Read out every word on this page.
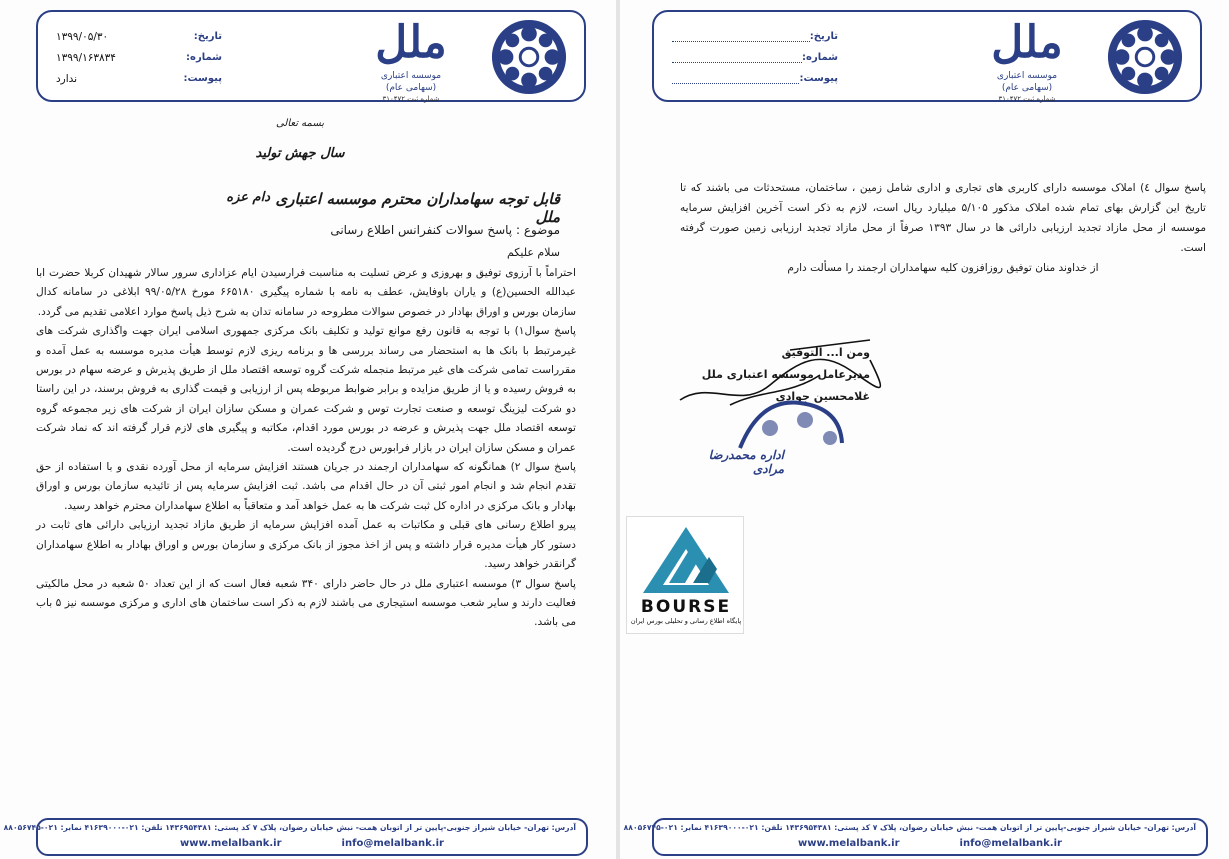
ملل
موسسه اعتباری
(سهامی عام)
شماره ثبت ۳۱۰۴۷۲
تاریخ:
۱۳۹۹/۰۵/۳۰
شماره:
۱۳۹۹/۱۶۳۸۳۴
پیوست:
ندارد
بسمه تعالی
سال جهش تولید
قابل توجه سهامداران محترم موسسه اعتباری ملل
دام عزه
موضوع : پاسخ سوالات کنفرانس اطلاع رسانی
سلام علیکم

احتراماً با آرزوی توفیق و بهروزی و عرض تسلیت به مناسبت فرارسیدن ایام عزاداری سرور سالار شهیدان کربلا حضرت ابا عبدالله الحسین(ع) و یاران باوفایش، عطف به نامه با شماره پیگیری ۶۶۵۱۸۰ مورخ ۹۹/۰۵/۲۸ ابلاغی در سامانه کدال سازمان بورس و اوراق بهادار در خصوص سوالات مطروحه در سامانه تدان به شرح ذیل پاسخ موارد اعلامی تقدیم می گردد.

پاسخ سوال۱) با توجه به قانون رفع موانع تولید و تکلیف بانک مرکزی جمهوری اسلامی ایران جهت واگذاری شرکت های غیرمرتبط با بانک ها به استحضار می رساند بررسی ها و برنامه ریزی لازم توسط هیأت مدیره موسسه به عمل آمده و مقرراست تمامی شرکت های غیر مرتبط منجمله شرکت گروه توسعه اقتصاد ملل از طریق پذیرش و عرضه سهام در بورس به فروش رسیده و یا از طریق مزایده و برابر ضوابط مربوطه پس از ارزیابی و قیمت گذاری به فروش برسند، در این راستا دو شرکت لیزینگ توسعه و صنعت تجارت توس و شرکت عمران و مسکن سازان ایران از شرکت های زیر مجموعه گروه توسعه اقتصاد ملل جهت پذیرش و عرضه در بورس مورد اقدام، مکاتبه و پیگیری های لازم قرار گرفته اند که نماد شرکت عمران و مسکن سازان ایران در بازار فرابورس درج گردیده است.

پاسخ سوال ۲) همانگونه که سهامداران ارجمند در جریان هستند افزایش سرمایه از محل آورده نقدی و با استفاده از حق تقدم انجام شد و انجام امور ثبتی آن در حال اقدام می باشد. ثبت افزایش سرمایه پس از تائیدیه سازمان بورس و اوراق بهادار و بانک مرکزی در اداره کل ثبت شرکت ها به عمل خواهد آمد و متعاقباً به اطلاع سهامداران محترم خواهد رسید.

پیرو اطلاع رسانی های قبلی و مکاتبات به عمل آمده افزایش سرمایه از طریق مازاد تجدید ارزیابی دارائی های ثابت در دستور کار هیأت مدیره قرار داشته و پس از اخذ مجوز از بانک مرکزی و سازمان بورس و اوراق بهادار به اطلاع سهامداران گرانقدر خواهد رسید.

پاسخ سوال ۳) موسسه اعتباری ملل در حال حاضر دارای ۳۴۰ شعبه فعال است که از این تعداد ۵۰ شعبه در محل مالکیتی فعالیت دارند و سایر شعب موسسه استیجاری می باشند لازم به ذکر است ساختمان های اداری و مرکزی موسسه نیز ۵ باب می باشد.

آدرس: تهران- خیابان شیراز جنوبی-پایین تر از اتوبان همت- نبش خیابان رضوان، پلاک ۷ کد پستی: ۱۴۳۶۹۵۴۳۸۱ تلفن: ۰۲۱-۴۱۶۳۹۰۰۰ نمابر: ۰۲۱-۸۸۰۵۶۷۴۵
www.melalbank.ir	info@melalbank.ir
ملل
موسسه اعتباری
(سهامی عام)
شماره ثبت ۳۱۰۴۷۲
تاریخ:
شماره:
پیوست:

پاسخ سوال ٤) املاک موسسه دارای کاربری های تجاری و اداری شامل زمین ، ساختمان، مستحدثات می باشند که تا تاریخ این گزارش بهای تمام شده املاک مذکور ۵/۱۰۵ میلیارد ریال است، لازم به ذکر است آخرین افزایش سرمایه موسسه از محل مازاد تجدید ارزیابی دارائی ها در سال ۱۳۹۳ صرفاً از محل مازاد تجدید ارزیابی زمین صورت گرفته است.

از خداوند منان توفیق روزافزون کلیه سهامداران ارجمند را مسألت دارم

ومن ا... التوفیق
مدیرعامل موسسه اعتباری ملل
غلامحسین جوادی
اداره محمدرضا مرادی
BOURSE
پایگاه اطلاع رسانی و تحلیلی بورس ایران
آدرس: تهران- خیابان شیراز جنوبی-پایین تر از اتوبان همت- نبش خیابان رضوان، پلاک ۷ کد پستی: ۱۴۳۶۹۵۴۳۸۱ تلفن: ۰۲۱-۴۱۶۳۹۰۰۰ نمابر: ۰۲۱-۸۸۰۵۶۷۴۵
www.melalbank.ir	info@melalbank.ir
